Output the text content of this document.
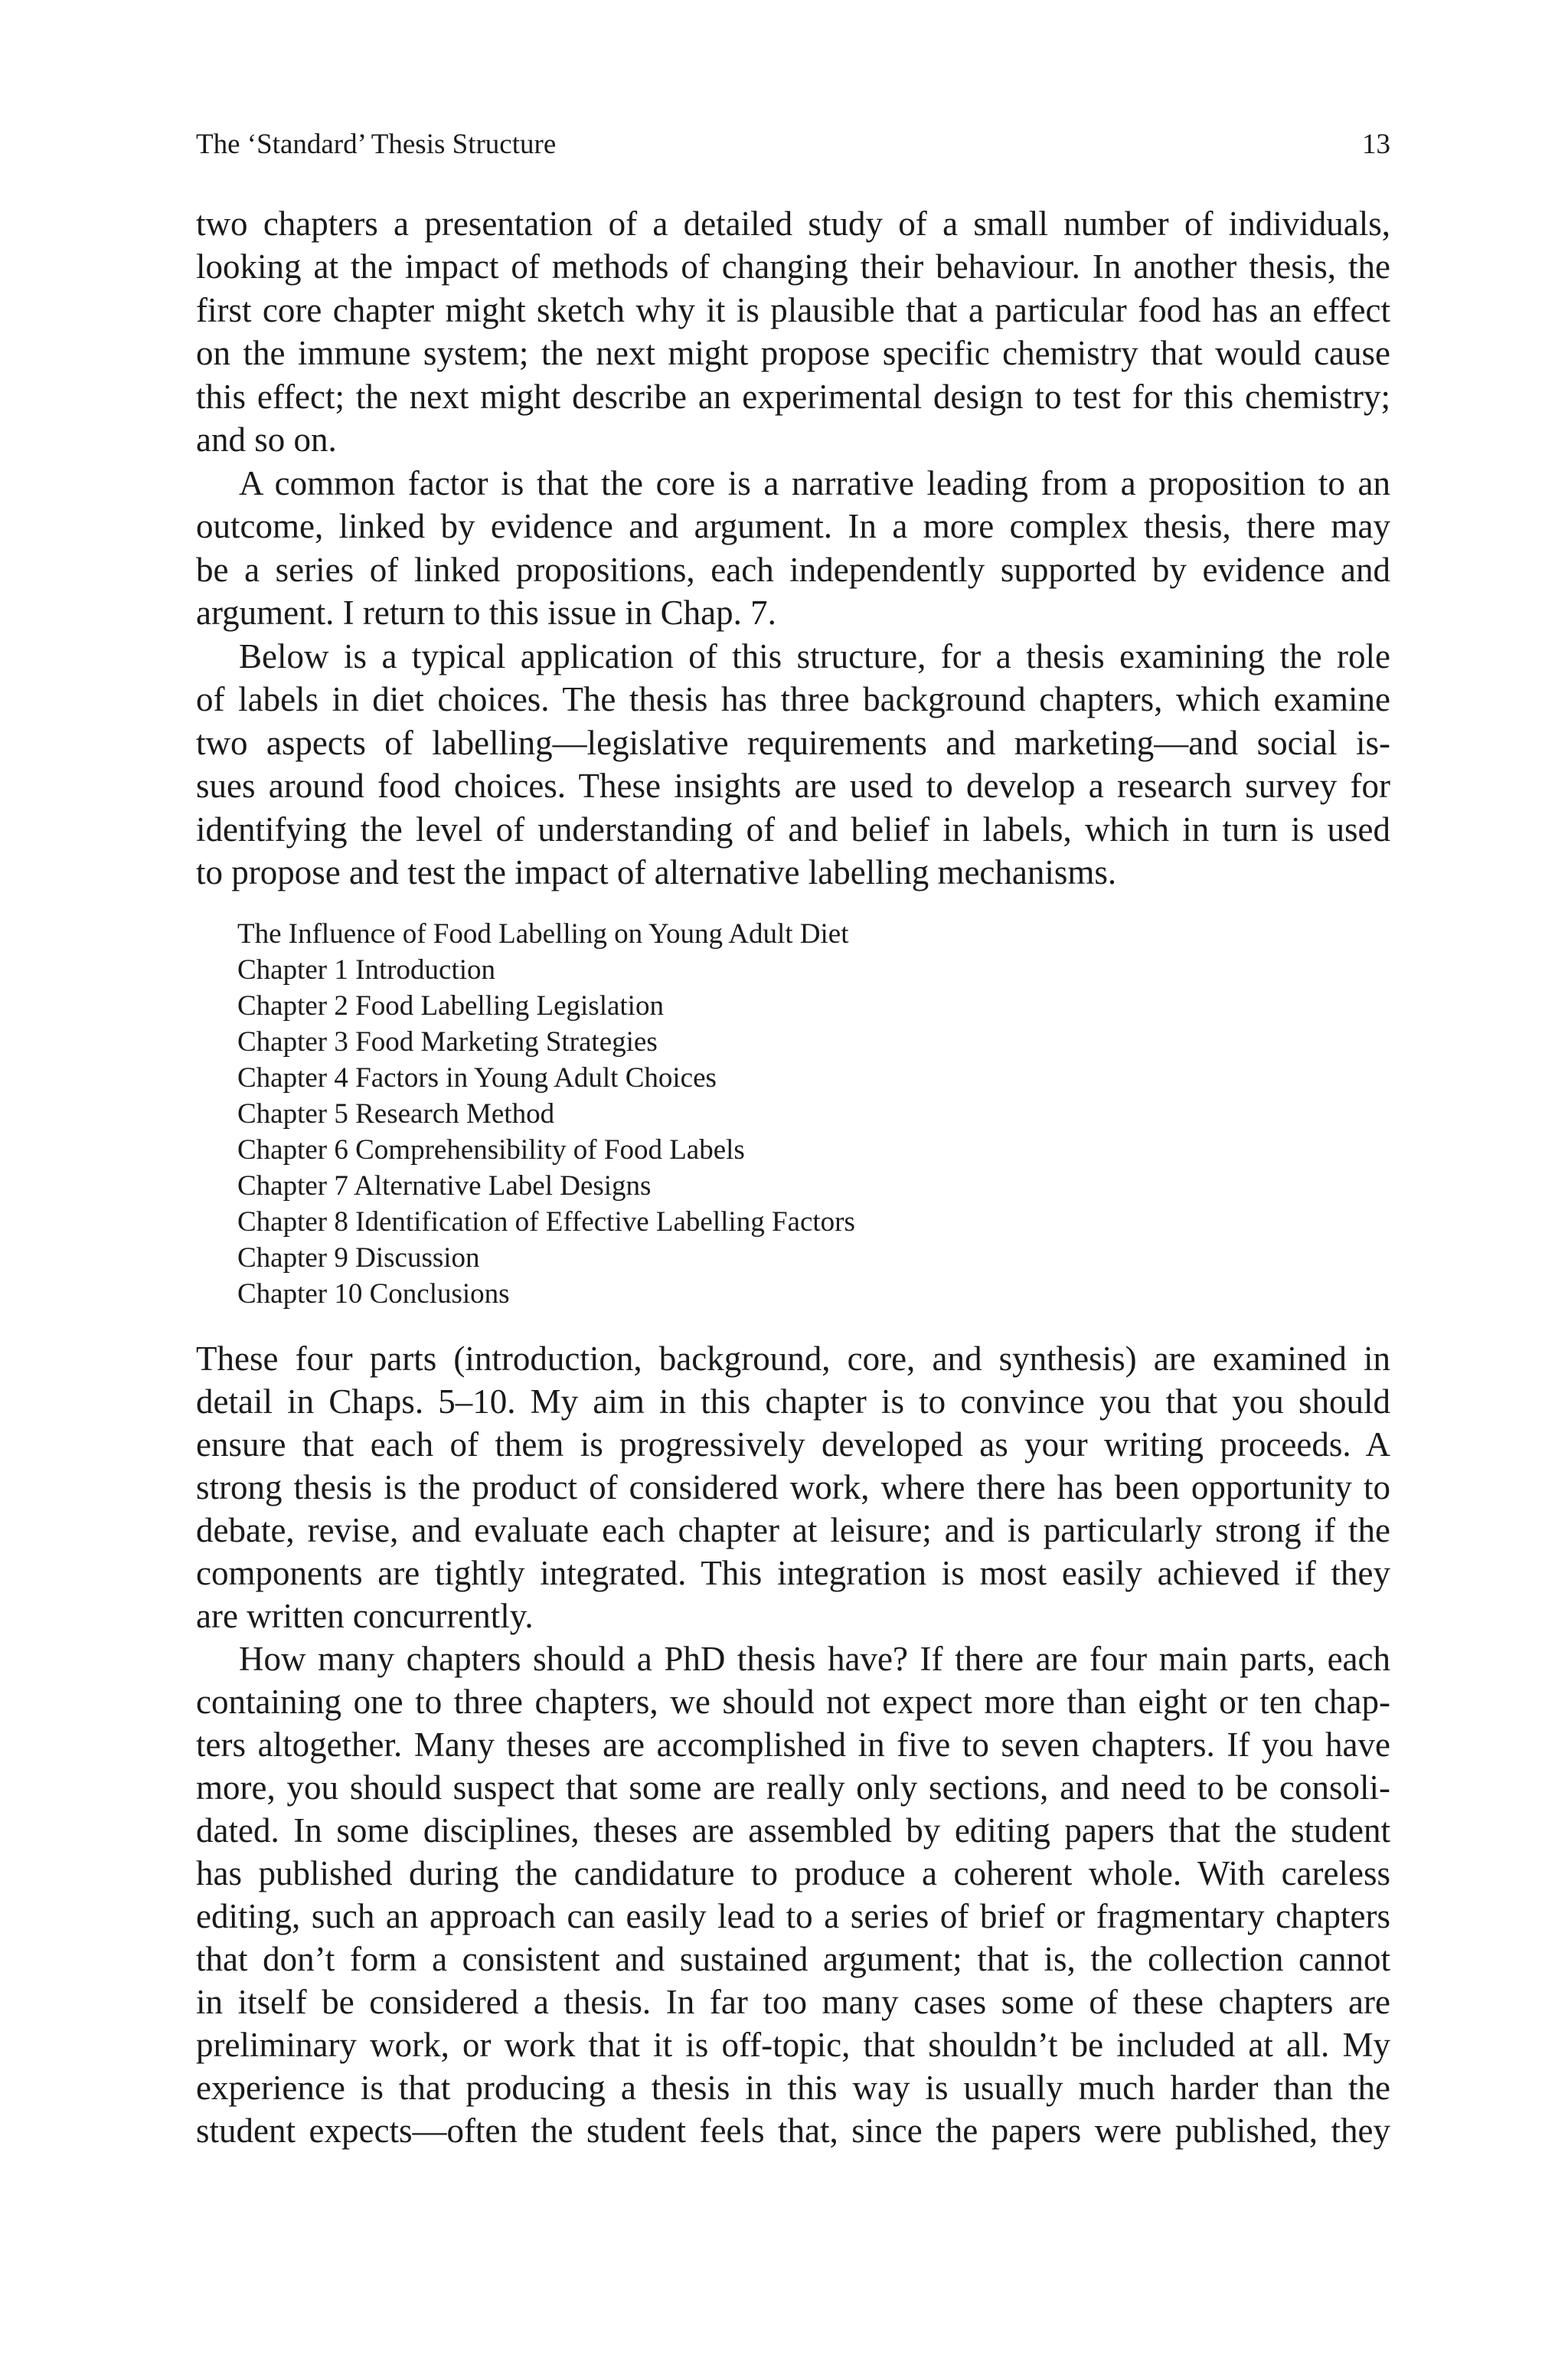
The ‘Standard’ Thesis Structure	13
two chapters a presentation of a detailed study of a small number of individuals,
looking at the impact of methods of changing their behaviour. In another thesis, the
first core chapter might sketch why it is plausible that a particular food has an effect
on the immune system; the next might propose specific chemistry that would cause
this effect; the next might describe an experimental design to test for this chemistry;
and so on.
A common factor is that the core is a narrative leading from a proposition to an
outcome, linked by evidence and argument. In a more complex thesis, there may
be a series of linked propositions, each independently supported by evidence and
argument. I return to this issue in Chap. 7.
Below is a typical application of this structure, for a thesis examining the role
of labels in diet choices. The thesis has three background chapters, which examine
two aspects of labelling—legislative requirements and marketing—and social is-
sues around food choices. These insights are used to develop a research survey for
identifying the level of understanding of and belief in labels, which in turn is used
to propose and test the impact of alternative labelling mechanisms.
The Influence of Food Labelling on Young Adult Diet
Chapter 1 Introduction
Chapter 2 Food Labelling Legislation
Chapter 3 Food Marketing Strategies
Chapter 4 Factors in Young Adult Choices
Chapter 5 Research Method
Chapter 6 Comprehensibility of Food Labels
Chapter 7 Alternative Label Designs
Chapter 8 Identification of Effective Labelling Factors
Chapter 9 Discussion
Chapter 10 Conclusions
These four parts (introduction, background, core, and synthesis) are examined in
detail in Chaps. 5–10. My aim in this chapter is to convince you that you should
ensure that each of them is progressively developed as your writing proceeds. A
strong thesis is the product of considered work, where there has been opportunity to
debate, revise, and evaluate each chapter at leisure; and is particularly strong if the
components are tightly integrated. This integration is most easily achieved if they
are written concurrently.
How many chapters should a PhD thesis have? If there are four main parts, each
containing one to three chapters, we should not expect more than eight or ten chap-
ters altogether. Many theses are accomplished in five to seven chapters. If you have
more, you should suspect that some are really only sections, and need to be consoli-
dated. In some disciplines, theses are assembled by editing papers that the student
has published during the candidature to produce a coherent whole. With careless
editing, such an approach can easily lead to a series of brief or fragmentary chapters
that don’t form a consistent and sustained argument; that is, the collection cannot
in itself be considered a thesis. In far too many cases some of these chapters are
preliminary work, or work that it is off-topic, that shouldn’t be included at all. My
experience is that producing a thesis in this way is usually much harder than the
student expects—often the student feels that, since the papers were published, they
